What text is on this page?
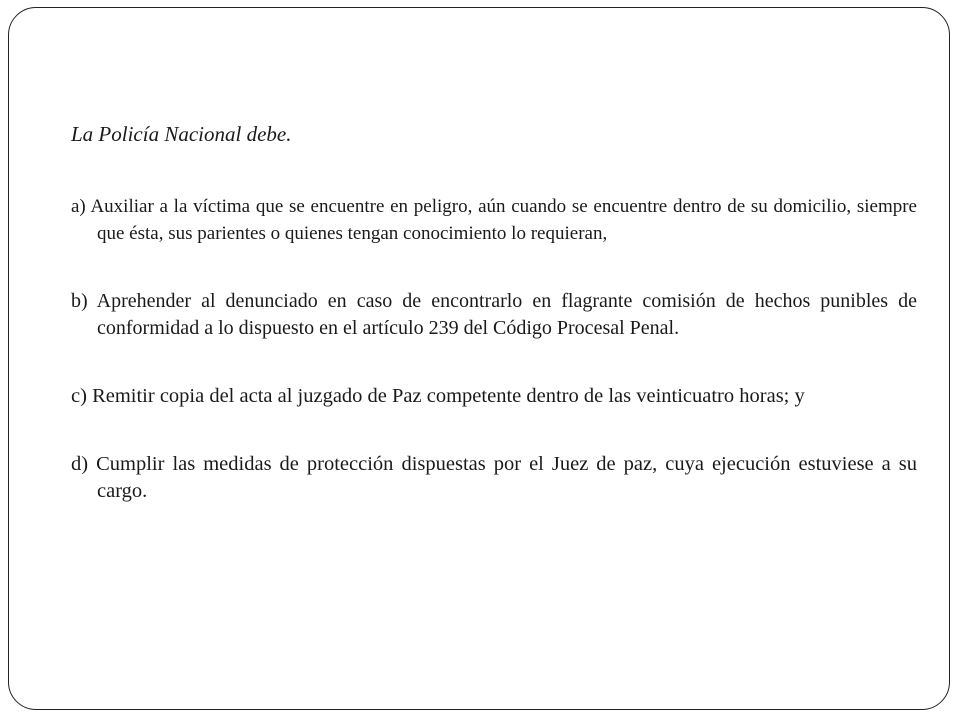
La Policía Nacional debe.

a) Auxiliar a la víctima que se encuentre en peligro, aún cuando se encuentre dentro de su domicilio, siempre que ésta, sus parientes o quienes tengan conocimiento lo requieran,

b) Aprehender al denunciado en caso de encontrarlo en flagrante comisión de hechos punibles de conformidad a lo dispuesto en el artículo 239 del Código Procesal Penal.

c) Remitir copia del acta al juzgado de Paz competente dentro de las veinticuatro horas; y

d) Cumplir las medidas de protección dispuestas por el Juez de paz, cuya ejecución estuviese a su cargo.
